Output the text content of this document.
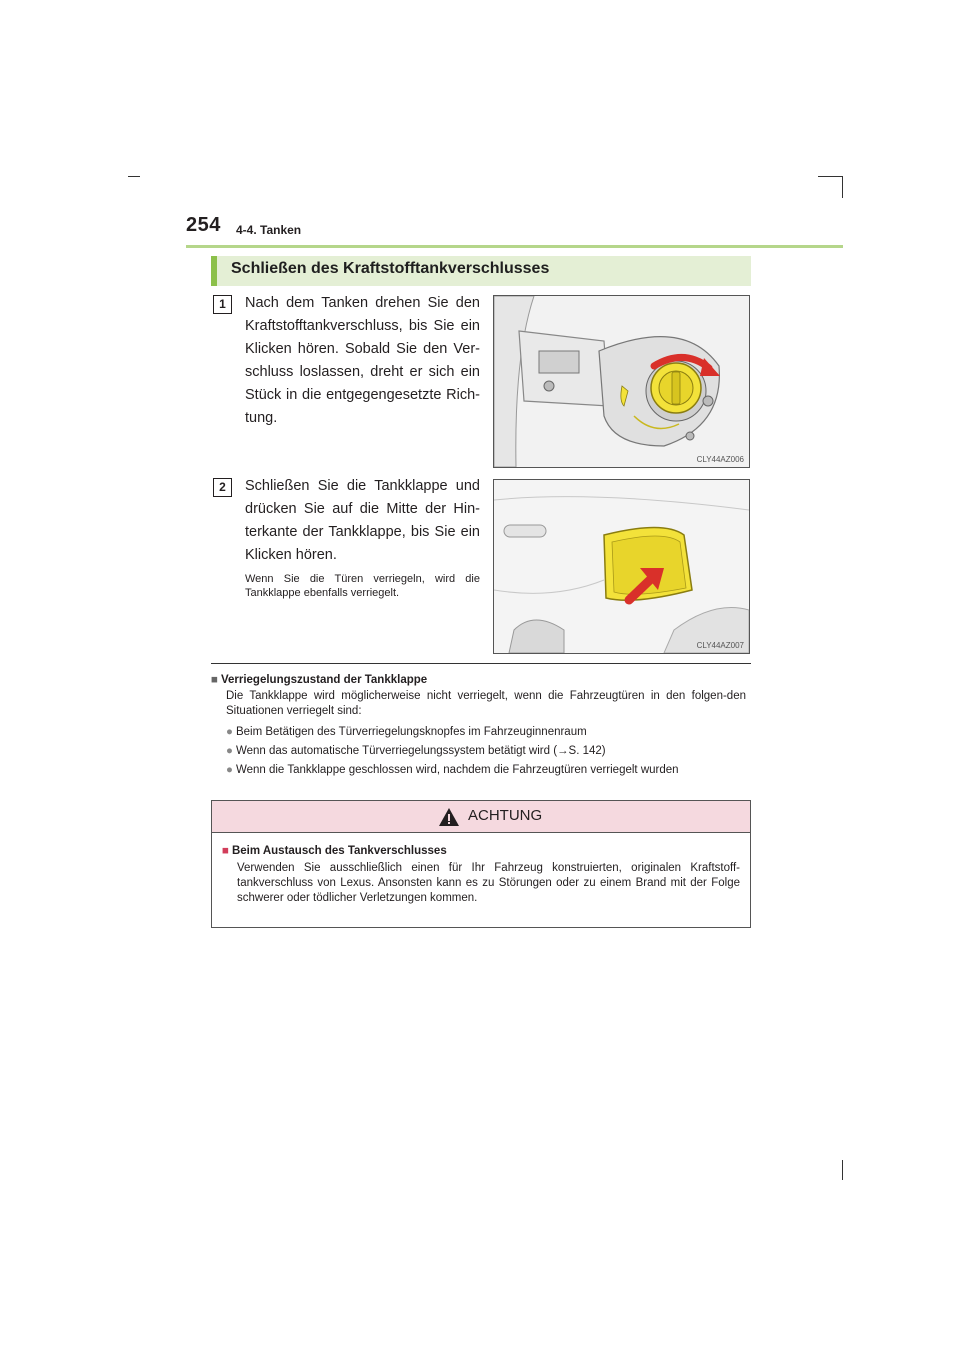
254 4-4. Tanken
Schließen des Kraftstofftankverschlusses
1	Nach dem Tanken drehen Sie den Kraftstofftankverschluss, bis Sie ein Klicken hören. Sobald Sie den Ver-schluss loslassen, dreht er sich ein Stück in die entgegengesetzte Rich-tung.
CLY44AZ006
2	Schließen Sie die Tankklappe und drücken Sie auf die Mitte der Hin-terkante der Tankklappe, bis Sie ein Klicken hören.
Wenn Sie die Türen verriegeln, wird die Tankklappe ebenfalls verriegelt.
CLY44AZ007
■ Verriegelungszustand der Tankklappe
Die Tankklappe wird möglicherweise nicht verriegelt, wenn die Fahrzeugtüren in den folgen-den Situationen verriegelt sind:
● Beim Betätigen des Türverriegelungsknopfes im Fahrzeuginnenraum
● Wenn das automatische Türverriegelungssystem betätigt wird (→S. 142)
● Wenn die Tankklappe geschlossen wird, nachdem die Fahrzeugtüren verriegelt wurden
ACHTUNG
■ Beim Austausch des Tankverschlusses
Verwenden Sie ausschließlich einen für Ihr Fahrzeug konstruierten, originalen Kraftstoff-tankverschluss von Lexus. Ansonsten kann es zu Störungen oder zu einem Brand mit der Folge schwerer oder tödlicher Verletzungen kommen.
